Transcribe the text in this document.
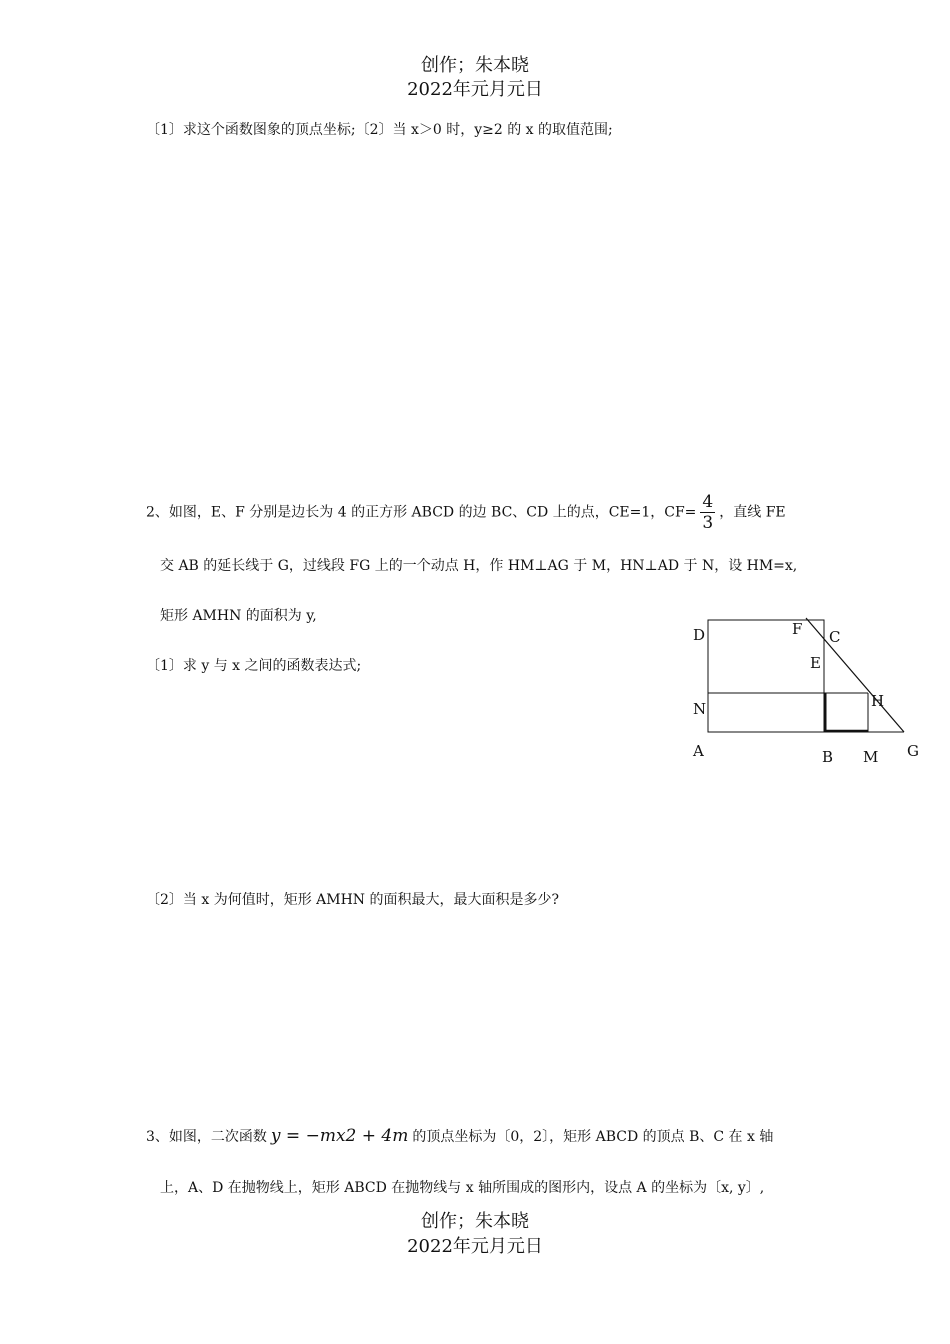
创作；朱本晓
2022年元月元日
〔1〕求这个函数图象的顶点坐标;〔2〕当 x＞0 时，y≥2 的 x 的取值范围;
2、如图，E、F 分别是边长为 4 的正方形 ABCD 的边 BC、CD 上的点，CE=1，$CF= \frac{4}{3}$ ，直线 FE
交 AB 的延长线于 G，过线段 FG 上的一个动点 H，作 HM⊥AG 于 M，HN⊥AD 于 N，设 HM=x,
矩形 AMHN 的面积为 y,
〔1〕求 y 与 x 之间的函数表达式;
D	F C
E
N	H
A	B M G
〔2〕当 x 为何值时，矩形 AMHN 的面积最大，最大面积是多少?
3、如图，二次函数 y = −mx2 + 4m 的顶点坐标为〔0，2〕，矩形 ABCD 的顶点 B、C 在 x 轴
上，A、D 在抛物线上，矩形 ABCD 在抛物线与 x 轴所围成的图形内，设点 A 的坐标为〔x, y〕,
创作；朱本晓
2022年元月元日
